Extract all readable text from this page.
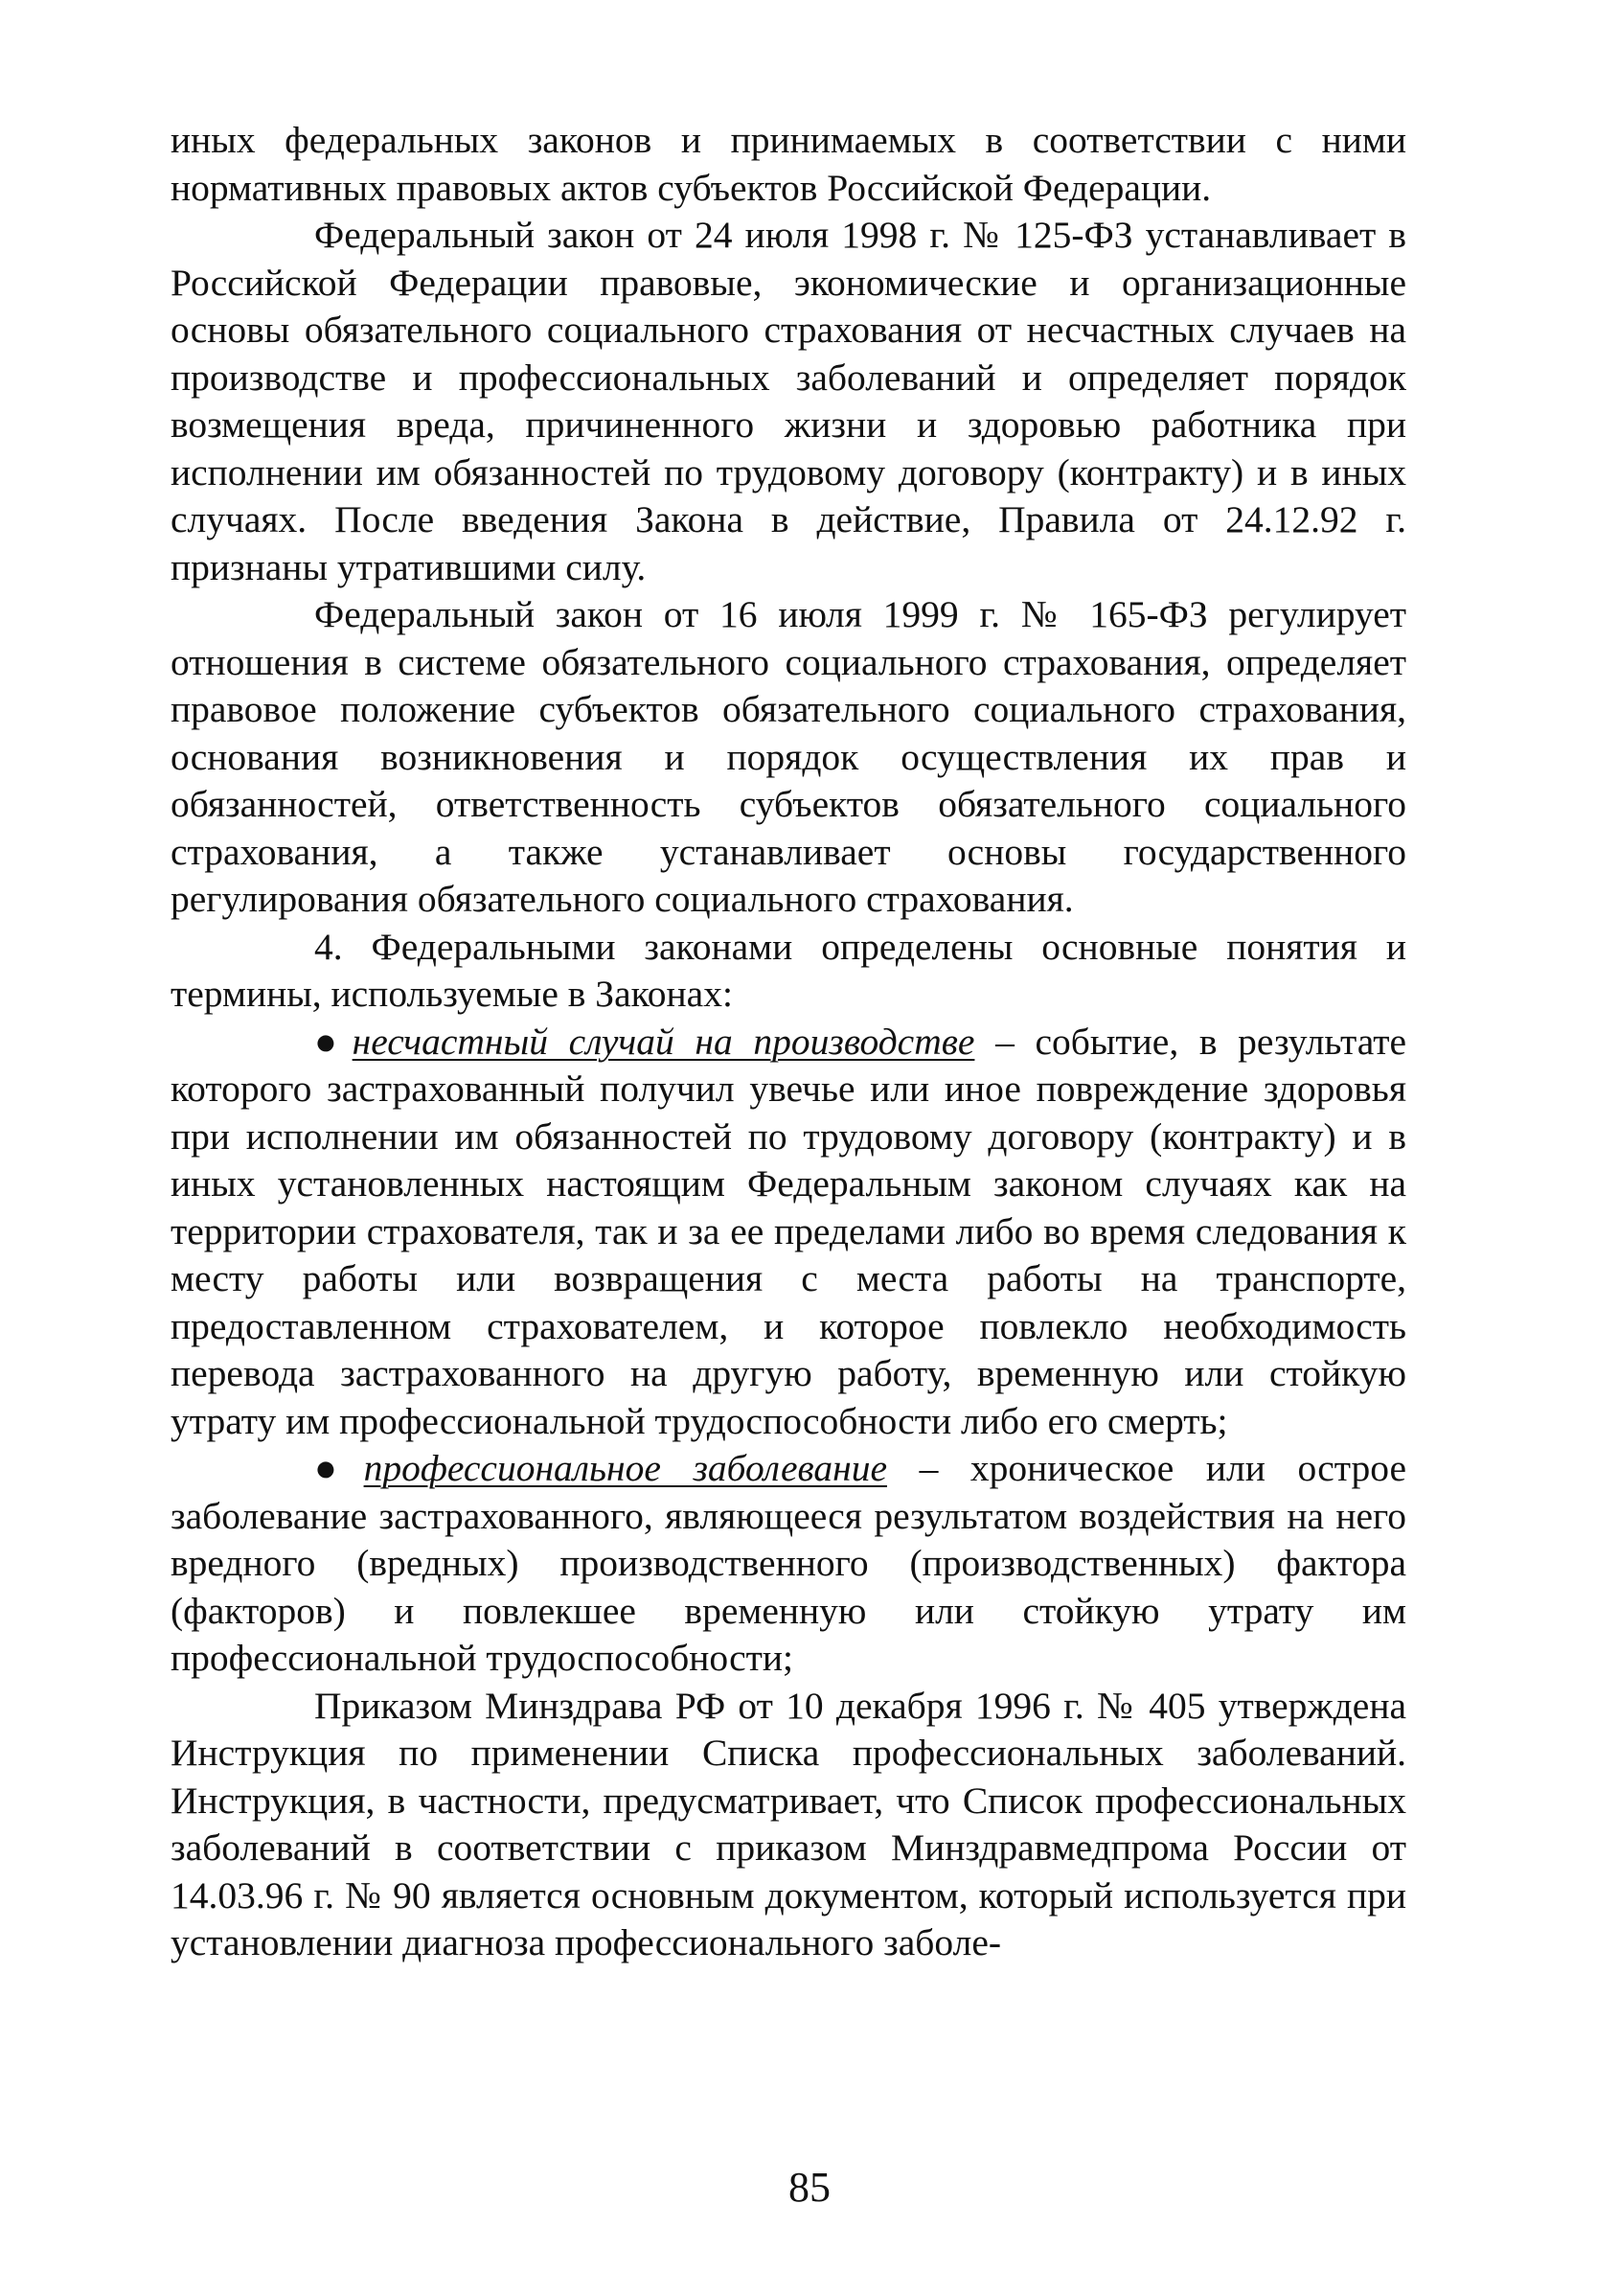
иных федеральных законов и принимаемых в соответствии с ними нормативных правовых актов субъектов Российской Федерации.

Федеральный закон от 24 июля 1998 г. № 125-ФЗ устанавливает в Российской Федерации правовые, экономические и организационные основы обязательного социального страхования от несчастных случаев на производстве и профессиональных заболеваний и определяет порядок возмещения вреда, причиненного жизни и здоровью работника при исполнении им обязанностей по трудовому договору (контракту) и в иных случаях. После введения Закона в действие, Правила от 24.12.92 г. признаны утратившими силу.

Федеральный закон от 16 июля 1999 г. № 165-ФЗ регулирует отношения в системе обязательного социального страхования, определяет правовое положение субъектов обязательного социального страхования, основания возникновения и порядок осуществления их прав и обязанностей, ответственность субъектов обязательного социального страхования, а также устанавливает основы государственного регулирования обязательного социального страхования.

4. Федеральными законами определены основные понятия и термины, используемые в Законах:

● несчастный случай на производстве – событие, в результате которого застрахованный получил увечье или иное повреждение здоровья при исполнении им обязанностей по трудовому договору (контракту) и в иных установленных настоящим Федеральным законом случаях как на территории страхователя, так и за ее пределами либо во время следования к месту работы или возвращения с места работы на транспорте, предоставленном страхователем, и которое повлекло необходимость перевода застрахованного на другую работу, временную или стойкую утрату им профессиональной трудоспособности либо его смерть;

● профессиональное заболевание – хроническое или острое заболевание застрахованного, являющееся результатом воздействия на него вредного (вредных) производственного (производственных) фактора (факторов) и повлекшее временную или стойкую утрату им профессиональной трудоспособности;

Приказом Минздрава РФ от 10 декабря 1996 г. № 405 утверждена Инструкция по применении Списка профессиональных заболеваний. Инструкция, в частности, предусматривает, что Список профессиональных заболеваний в соответствии с приказом Минздравмедпрома России от 14.03.96 г. № 90 является основным документом, который используется при установлении диагноза профессионального заболе-

85
